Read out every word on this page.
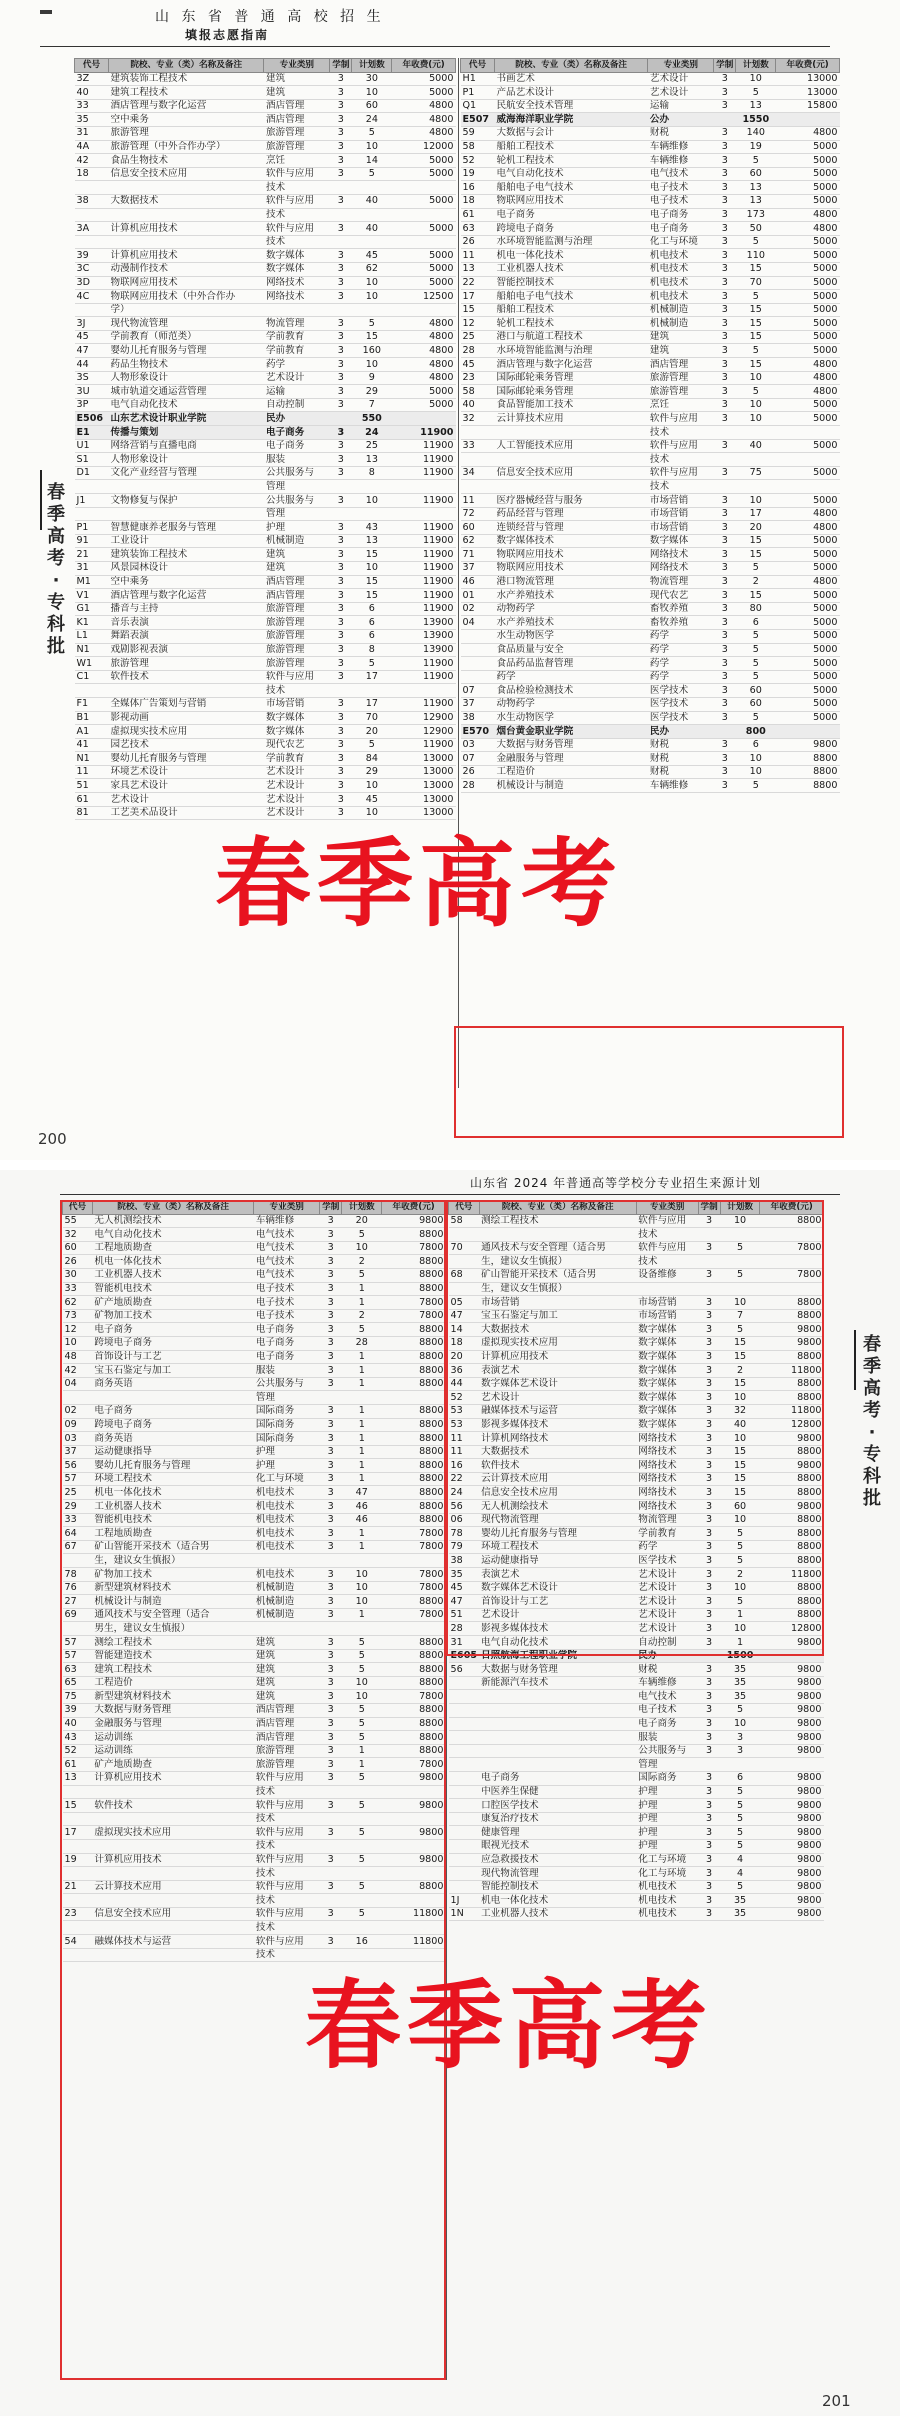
山 东 省 普 通 高 校 招 生
填报志愿指南
代号	院校、专业（类）名称及备注	专业类别	学制	计划数	年收费(元)
3Z	建筑装饰工程技术	建筑	3	30	5000
40	建筑工程技术	建筑	3	10	5000
33	酒店管理与数字化运营	酒店管理	3	60	4800
35	空中乘务	酒店管理	3	24	4800
31	旅游管理	旅游管理	3	5	4800
4A	旅游管理（中外合作办学）	旅游管理	3	10	12000
42	食品生物技术	烹饪	3	14	5000
18	信息安全技术应用	软件与应用	3	5	5000
		技术			
38	大数据技术	软件与应用	3	40	5000
		技术			
3A	计算机应用技术	软件与应用	3	40	5000
		技术			
39	计算机应用技术	数字媒体	3	45	5000
3C	动漫制作技术	数字媒体	3	62	5000
3D	物联网应用技术	网络技术	3	10	5000
4C	物联网应用技术（中外合作办	网络技术	3	10	12500
	学）				
3J	现代物流管理	物流管理	3	5	4800
45	学前教育（师范类）	学前教育	3	15	4800
47	婴幼儿托育服务与管理	学前教育	3	160	4800
44	药品生物技术	药学	3	10	4800
3S	人物形象设计	艺术设计	3	9	4800
3U	城市轨道交通运营管理	运输	3	29	5000
3P	电气自动化技术	自动控制	3	7	5000
E506	山东艺术设计职业学院	民办		550	
E1	传播与策划	电子商务	3	24	11900
U1	网络营销与直播电商	电子商务	3	25	11900
S1	人物形象设计	服装	3	13	11900
D1	文化产业经营与管理	公共服务与	3	8	11900
		管理			
J1	文物修复与保护	公共服务与	3	10	11900
		管理			
P1	智慧健康养老服务与管理	护理	3	43	11900
91	工业设计	机械制造	3	13	11900
21	建筑装饰工程技术	建筑	3	15	11900
31	风景园林设计	建筑	3	10	11900
M1	空中乘务	酒店管理	3	15	11900
V1	酒店管理与数字化运营	酒店管理	3	15	11900
G1	播音与主持	旅游管理	3	6	11900
K1	音乐表演	旅游管理	3	6	13900
L1	舞蹈表演	旅游管理	3	6	13900
N1	戏剧影视表演	旅游管理	3	8	13900
W1	旅游管理	旅游管理	3	5	11900
C1	软件技术	软件与应用	3	17	11900
		技术			
F1	全媒体广告策划与营销	市场营销	3	17	11900
B1	影视动画	数字媒体	3	70	12900
A1	虚拟现实技术应用	数字媒体	3	20	12900
41	园艺技术	现代农艺	3	5	11900
N1	婴幼儿托育服务与管理	学前教育	3	84	13000
11	环境艺术设计	艺术设计	3	29	13000
51	家具艺术设计	艺术设计	3	10	13000
61	艺术设计	艺术设计	3	45	13000
81	工艺美术品设计	艺术设计	3	10	13000
代号	院校、专业（类）名称及备注	专业类别	学制	计划数	年收费(元)
H1	书画艺术	艺术设计	3	10	13000
P1	产品艺术设计	艺术设计	3	5	13000
Q1	民航安全技术管理	运输	3	13	15800
E507	威海海洋职业学院	公办		1550	
59	大数据与会计	财税	3	140	4800
58	船舶工程技术	车辆维修	3	19	5000
52	轮机工程技术	车辆维修	3	5	5000
19	电气自动化技术	电气技术	3	60	5000
16	船舶电子电气技术	电子技术	3	13	5000
18	物联网应用技术	电子技术	3	13	5000
61	电子商务	电子商务	3	173	4800
63	跨境电子商务	电子商务	3	50	4800
26	水环境智能监测与治理	化工与环境	3	5	5000
11	机电一体化技术	机电技术	3	110	5000
13	工业机器人技术	机电技术	3	15	5000
22	智能控制技术	机电技术	3	70	5000
17	船舶电子电气技术	机电技术	3	5	5000
15	船舶工程技术	机械制造	3	15	5000
12	轮机工程技术	机械制造	3	15	5000
25	港口与航道工程技术	建筑	3	15	5000
28	水环境智能监测与治理	建筑	3	5	5000
45	酒店管理与数字化运营	酒店管理	3	15	4800
23	国际邮轮乘务管理	旅游管理	3	10	4800
58	国际邮轮乘务管理	旅游管理	3	5	4800
40	食品智能加工技术	烹饪	3	10	5000
32	云计算技术应用	软件与应用	3	10	5000
		技术			
33	人工智能技术应用	软件与应用	3	40	5000
		技术			
34	信息安全技术应用	软件与应用	3	75	5000
		技术			
11	医疗器械经营与服务	市场营销	3	10	5000
72	药品经营与管理	市场营销	3	17	4800
60	连锁经营与管理	市场营销	3	20	4800
62	数字媒体技术	数字媒体	3	15	5000
71	物联网应用技术	网络技术	3	15	5000
37	物联网应用技术	网络技术	3	5	5000
46	港口物流管理	物流管理	3	2	4800
01	水产养殖技术	现代农艺	3	15	5000
02	动物药学	畜牧养殖	3	80	5000
04	水产养殖技术	畜牧养殖	3	6	5000
	水生动物医学	药学	3	5	5000
	食品质量与安全	药学	3	5	5000
	食品药品监督管理	药学	3	5	5000
	药学	药学	3	5	5000
07	食品检验检测技术	医学技术	3	60	5000
37	动物药学	医学技术	3	60	5000
38	水生动物医学	医学技术	3	5	5000
E570	烟台黄金职业学院	民办		800	
03	大数据与财务管理	财税	3	6	9800
07	金融服务与管理	财税	3	10	8800
26	工程造价	财税	3	10	8800
28	机械设计与制造	车辆维修	3	5	8800
春
季
高
考
·
专
科
批
春季高考
200
山东省 2024 年普通高等学校分专业招生来源计划
代号	院校、专业（类）名称及备注	专业类别	学制	计划数	年收费(元)
55	无人机测绘技术	车辆维修	3	20	9800
32	电气自动化技术	电气技术	3	5	8800
60	工程地质勘查	电气技术	3	10	7800
26	机电一体化技术	电气技术	3	2	8800
30	工业机器人技术	电气技术	3	5	8800
33	智能机电技术	电子技术	3	1	8800
62	矿产地质勘查	电子技术	3	1	7800
73	矿物加工技术	电子技术	3	2	7800
12	电子商务	电子商务	3	5	8800
10	跨境电子商务	电子商务	3	28	8800
48	首饰设计与工艺	电子商务	3	1	8800
42	宝玉石鉴定与加工	服装	3	1	8800
04	商务英语	公共服务与	3	1	8800
		管理			
02	电子商务	国际商务	3	1	8800
09	跨境电子商务	国际商务	3	1	8800
03	商务英语	国际商务	3	1	8800
37	运动健康指导	护理	3	1	8800
56	婴幼儿托育服务与管理	护理	3	1	8800
57	环境工程技术	化工与环境	3	1	8800
25	机电一体化技术	机电技术	3	47	8800
29	工业机器人技术	机电技术	3	46	8800
33	智能机电技术	机电技术	3	46	8800
64	工程地质勘查	机电技术	3	1	7800
67	矿山智能开采技术（适合男	机电技术	3	1	7800
	生，建议女生慎报）				
78	矿物加工技术	机电技术	3	10	7800
76	新型建筑材料技术	机械制造	3	10	7800
27	机械设计与制造	机械制造	3	10	8800
69	通风技术与安全管理（适合	机械制造	3	1	7800
	男生，建议女生慎报）				
57	测绘工程技术	建筑	3	5	8800
57	智能建造技术	建筑	3	5	8800
63	建筑工程技术	建筑	3	5	8800
65	工程造价	建筑	3	10	8800
75	新型建筑材料技术	建筑	3	10	7800
39	大数据与财务管理	酒店管理	3	5	8800
40	金融服务与管理	酒店管理	3	5	8800
43	运动训练	酒店管理	3	5	8800
52	运动训练	旅游管理	3	1	8800
61	矿产地质勘查	旅游管理	3	1	7800
13	计算机应用技术	软件与应用	3	5	9800
		技术			
15	软件技术	软件与应用	3	5	9800
		技术			
17	虚拟现实技术应用	软件与应用	3	5	9800
		技术			
19	计算机应用技术	软件与应用	3	5	9800
		技术			
21	云计算技术应用	软件与应用	3	5	8800
		技术			
23	信息安全技术应用	软件与应用	3	5	11800
		技术			
54	融媒体技术与运营	软件与应用	3	16	11800
		技术			
代号	院校、专业（类）名称及备注	专业类别	学制	计划数	年收费(元)
58	测绘工程技术	软件与应用	3	10	8800
		技术			
70	通风技术与安全管理（适合男	软件与应用	3	5	7800
	生，建议女生慎报）	技术			
68	矿山智能开采技术（适合男	设备维修	3	5	7800
	生，建议女生慎报）				
05	市场营销	市场营销	3	10	8800
47	宝玉石鉴定与加工	市场营销	3	7	8800
14	大数据技术	数字媒体	3	5	9800
18	虚拟现实技术应用	数字媒体	3	15	9800
20	计算机应用技术	数字媒体	3	15	8800
36	表演艺术	数字媒体	3	2	11800
44	数字媒体艺术设计	数字媒体	3	15	8800
52	艺术设计	数字媒体	3	10	8800
53	融媒体技术与运营	数字媒体	3	32	11800
53	影视多媒体技术	数字媒体	3	40	12800
11	计算机网络技术	网络技术	3	10	9800
11	大数据技术	网络技术	3	15	8800
16	软件技术	网络技术	3	15	9800
22	云计算技术应用	网络技术	3	15	8800
24	信息安全技术应用	网络技术	3	15	8800
56	无人机测绘技术	网络技术	3	60	9800
06	现代物流管理	物流管理	3	10	8800
78	婴幼儿托育服务与管理	学前教育	3	5	8800
79	环境工程技术	药学	3	5	8800
38	运动健康指导	医学技术	3	5	8800
35	表演艺术	艺术设计	3	2	11800
45	数字媒体艺术设计	艺术设计	3	10	8800
47	首饰设计与工艺	艺术设计	3	5	8800
51	艺术设计	艺术设计	3	1	8800
28	影视多媒体技术	艺术设计	3	10	12800
31	电气自动化技术	自动控制	3	1	9800
E605	日照航海工程职业学院	民办		1500	
56	大数据与财务管理	财税	3	35	9800
	新能源汽车技术	车辆维修	3	35	9800
		电气技术	3	35	9800
		电子技术	3	5	9800
		电子商务	3	10	9800
		服装	3	3	9800
		公共服务与	3	3	9800
		管理			
	电子商务	国际商务	3	6	9800
	中医养生保健	护理	3	5	9800
	口腔医学技术	护理	3	5	9800
	康复治疗技术	护理	3	5	9800
	健康管理	护理	3	5	9800
	眼视光技术	护理	3	5	9800
	应急救援技术	化工与环境	3	4	9800
	现代物流管理	化工与环境	3	4	9800
	智能控制技术	机电技术	3	5	9800
1J	机电一体化技术	机电技术	3	35	9800
1N	工业机器人技术	机电技术	3	35	9800
春
季
高
考
·
专
科
批
春季高考
201
